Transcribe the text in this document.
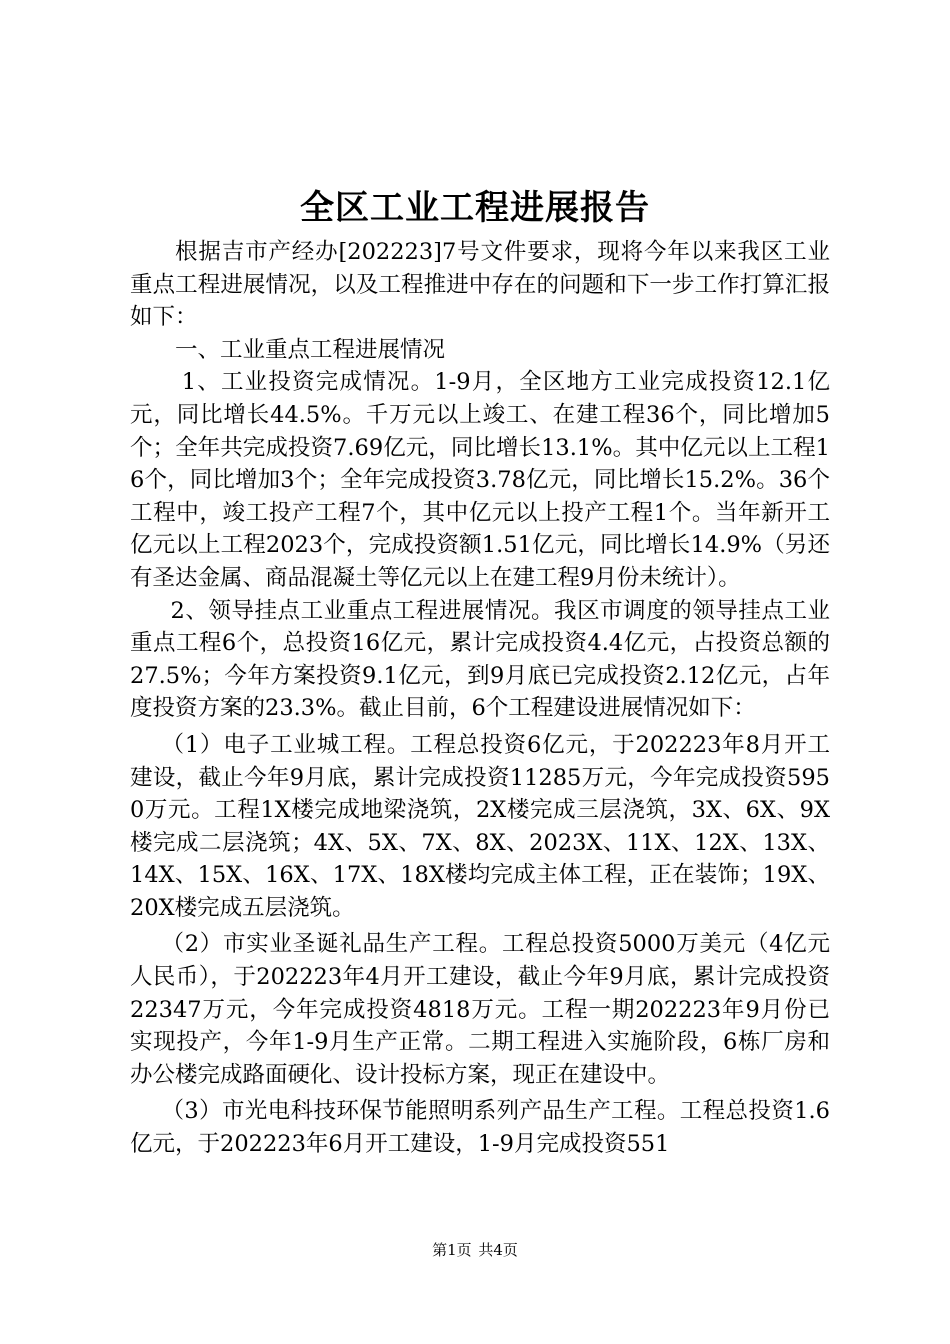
全区工业工程进展报告

根据吉市产经办[202223]7号文件要求，现将今年以来我区工业重点工程进展情况，以及工程推进中存在的问题和下一步工作打算汇报如下：

一、工业重点工程进展情况

1、工业投资完成情况。1-9月，全区地方工业完成投资12.1亿元，同比增长44.5%。千万元以上竣工、在建工程36个，同比增加5个；全年共完成投资7.69亿元，同比增长13.1%。其中亿元以上工程16个，同比增加3个；全年完成投资3.78亿元，同比增长15.2%。36个工程中，竣工投产工程7个，其中亿元以上投产工程1个。当年新开工亿元以上工程2023个，完成投资额1.51亿元，同比增长14.9%（另还有圣达金属、商品混凝土等亿元以上在建工程9月份未统计）。

2、领导挂点工业重点工程进展情况。我区市调度的领导挂点工业重点工程6个，总投资16亿元，累计完成投资4.4亿元，占投资总额的27.5%；今年方案投资9.1亿元，到9月底已完成投资2.12亿元，占年度投资方案的23.3%。截止目前，6个工程建设进展情况如下：

（1）电子工业城工程。工程总投资6亿元，于202223年8月开工建设，截止今年9月底，累计完成投资11285万元，今年完成投资5950万元。工程1X楼完成地梁浇筑，2X楼完成三层浇筑，3X、6X、9X楼完成二层浇筑；4X、5X、7X、8X、2023X、11X、12X、13X、14X、15X、16X、17X、18X楼均完成主体工程，正在装饰；19X、20X楼完成五层浇筑。

（2）市实业圣诞礼品生产工程。工程总投资5000万美元（4亿元人民币），于202223年4月开工建设，截止今年9月底，累计完成投资22347万元，今年完成投资4818万元。工程一期202223年9月份已实现投产，今年1-9月生产正常。二期工程进入实施阶段，6栋厂房和办公楼完成路面硬化、设计投标方案，现正在建设中。

（3）市光电科技环保节能照明系列产品生产工程。工程总投资1.6亿元，于202223年6月开工建设，1-9月完成投资551

第1页 共4页
